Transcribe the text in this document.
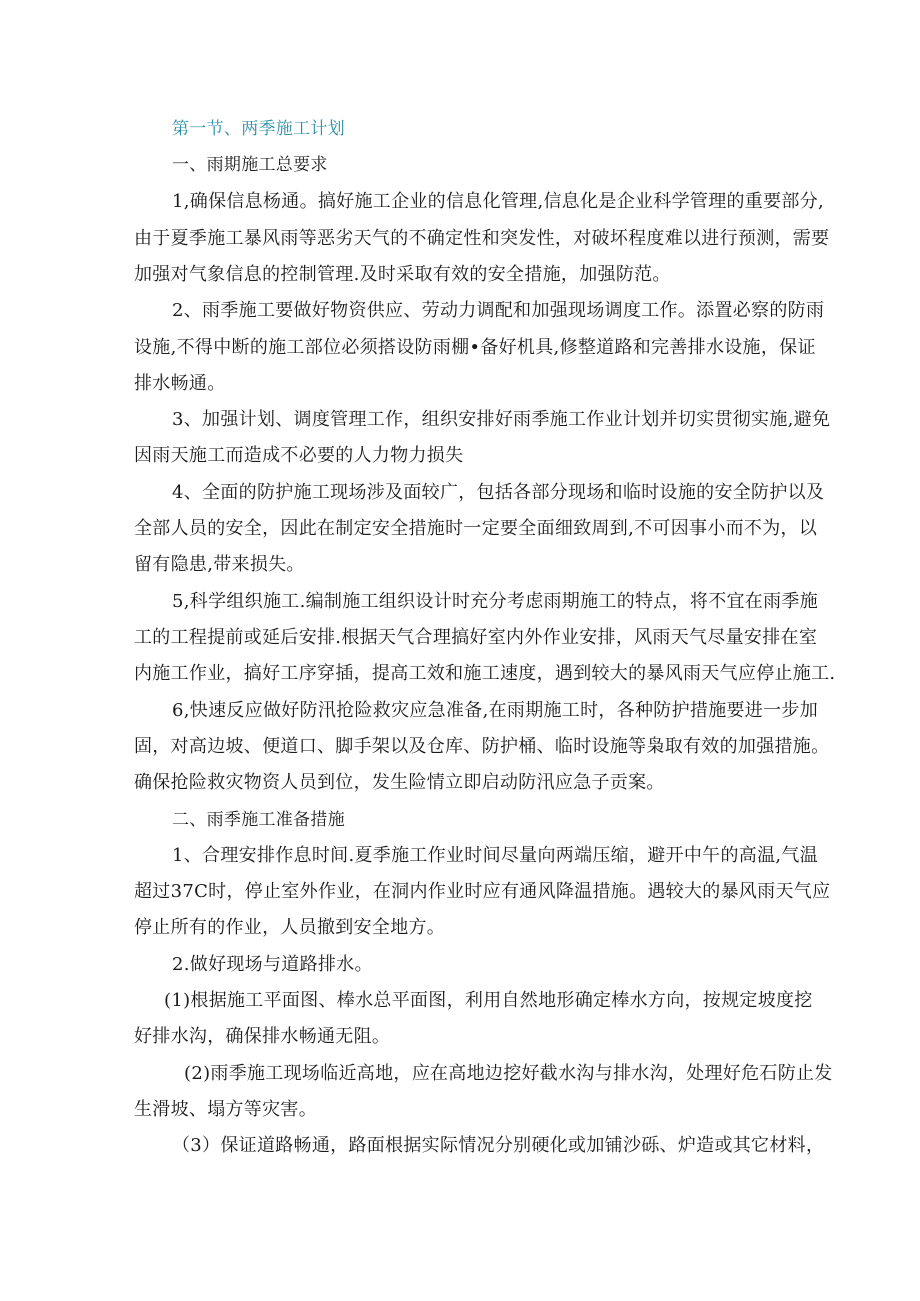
第一节、两季施工计划
一、雨期施工总要求
1,确保信息杨通。搞好施工企业的信息化管理,信息化是企业科学管理的重要部分,
由于夏季施工暴风雨等恶劣天气的不确定性和突发性，对破坏程度难以进行预测，需要
加强对气象信息的控制管理.及时采取有效的安全措施，加强防范。
2、雨季施工要做好物资供应、劳动力调配和加强现场调度工作。添置必察的防雨
设施,不得中断的施工部位必须搭设防雨棚•备好机具,修整道路和完善排水设施，保证
排水畅通。
3、加强计划、调度管理工作，组织安排好雨季施工作业计划并切实贯彻实施,避免
因雨天施工而造成不必要的人力物力损失
4、全面的防护施工现场涉及面较广，包括各部分现场和临时设施的安全防护以及
全部人员的安全，因此在制定安全措施时一定要全面细致周到,不可因事小而不为，以
留有隐患,带来损失。
5,科学组织施工.编制施工组织设计时充分考虑雨期施工的特点，将不宜在雨季施
工的工程提前或延后安排.根据天气合理搞好室内外作业安排，风雨天气尽量安排在室
内施工作业，搞好工序穿插，提高工效和施工速度，遇到较大的暴风雨天气应停止施工.
6,快速反应做好防汛抢险救灾应急准备,在雨期施工时，各种防护措施要进一步加
固，对高边坡、便道口、脚手架以及仓库、防护桶、临时设施等枭取有效的加强措施。
确保抢险救灾物资人员到位，发生险情立即启动防汛应急子贡案。
二、雨季施工准备措施
1、合理安排作息时间.夏季施工作业时间尽量向两端压缩，避开中午的高温,气温
超过37C时，停止室外作业，在洞内作业时应有通风降温措施。遇较大的暴风雨天气应
停止所有的作业，人员撤到安全地方。
2.做好现场与道路排水。
(1)根据施工平面图、棒水总平面图，利用自然地形确定棒水方向，按规定坡度挖
好排水沟，确保排水畅通无阻。
(2)雨季施工现场临近高地，应在高地边挖好截水沟与排水沟，处理好危石防止发
生滑坡、塌方等灾害。
（3）保证道路畅通，路面根据实际情况分别硬化或加铺沙砾、炉造或其它材料，
